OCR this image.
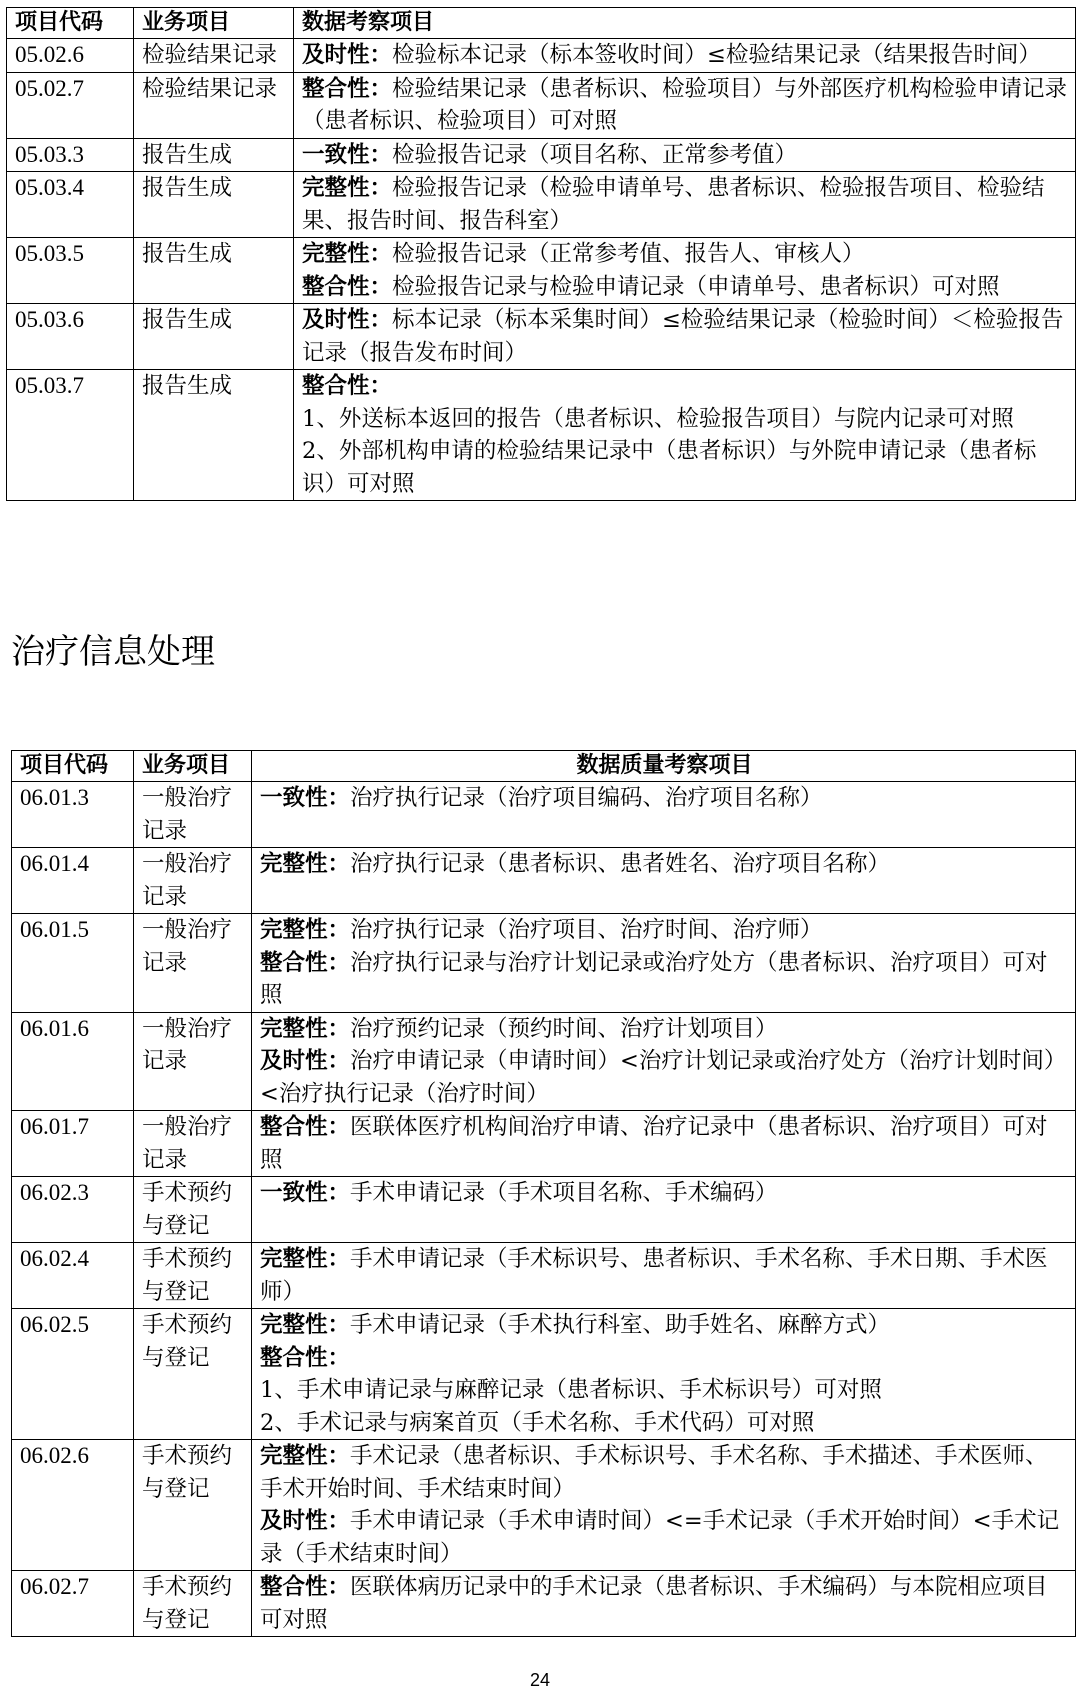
项目代码	业务项目	数据考察项目
05.02.6	检验结果记录	及时性：检验标本记录（标本签收时间）≤检验结果记录（结果报告时间）

05.02.7	检验结果记录	整合性：检验结果记录（患者标识、检验项目）与外部医疗机构检验申请记录（患者标识、检验项目）可对照

05.03.3	报告生成	一致性：检验报告记录（项目名称、正常参考值）

05.03.4	报告生成	完整性：检验报告记录（检验申请单号、患者标识、检验报告项目、检验结果、报告时间、报告科室）

05.03.5	报告生成	完整性：检验报告记录（正常参考值、报告人、审核人）
整合性：检验报告记录与检验申请记录（申请单号、患者标识）可对照

05.03.6	报告生成	及时性：标本记录（标本采集时间）≤检验结果记录（检验时间）＜检验报告记录（报告发布时间）

05.03.7	报告生成	整合性：
1、外送标本返回的报告（患者标识、检验报告项目）与院内记录可对照
2、外部机构申请的检验结果记录中（患者标识）与外院申请记录（患者标识）可对照
治疗信息处理
项目代码	业务项目	数据质量考察项目
06.01.3	一般治疗记录	一致性：治疗执行记录（治疗项目编码、治疗项目名称）

06.01.4	一般治疗记录	完整性：治疗执行记录（患者标识、患者姓名、治疗项目名称）

06.01.5	一般治疗记录	完整性：治疗执行记录（治疗项目、治疗时间、治疗师）
整合性：治疗执行记录与治疗计划记录或治疗处方（患者标识、治疗项目）可对照

06.01.6	一般治疗记录	完整性：治疗预约记录（预约时间、治疗计划项目）
及时性：治疗申请记录（申请时间）<治疗计划记录或治疗处方（治疗计划时间）<治疗执行记录（治疗时间）

06.01.7	一般治疗记录	整合性：医联体医疗机构间治疗申请、治疗记录中（患者标识、治疗项目）可对照

06.02.3	手术预约与登记	一致性：手术申请记录（手术项目名称、手术编码）

06.02.4	手术预约与登记	完整性：手术申请记录（手术标识号、患者标识、手术名称、手术日期、手术医师）

06.02.5	手术预约与登记	完整性：手术申请记录（手术执行科室、助手姓名、麻醉方式）
整合性：
1、手术申请记录与麻醉记录（患者标识、手术标识号）可对照
2、手术记录与病案首页（手术名称、手术代码）可对照

06.02.6	手术预约与登记	完整性：手术记录（患者标识、手术标识号、手术名称、手术描述、手术医师、手术开始时间、手术结束时间）
及时性：手术申请记录（手术申请时间）<=手术记录（手术开始时间）<手术记录（手术结束时间）

06.02.7	手术预约与登记	整合性：医联体病历记录中的手术记录（患者标识、手术编码）与本院相应项目可对照
24
